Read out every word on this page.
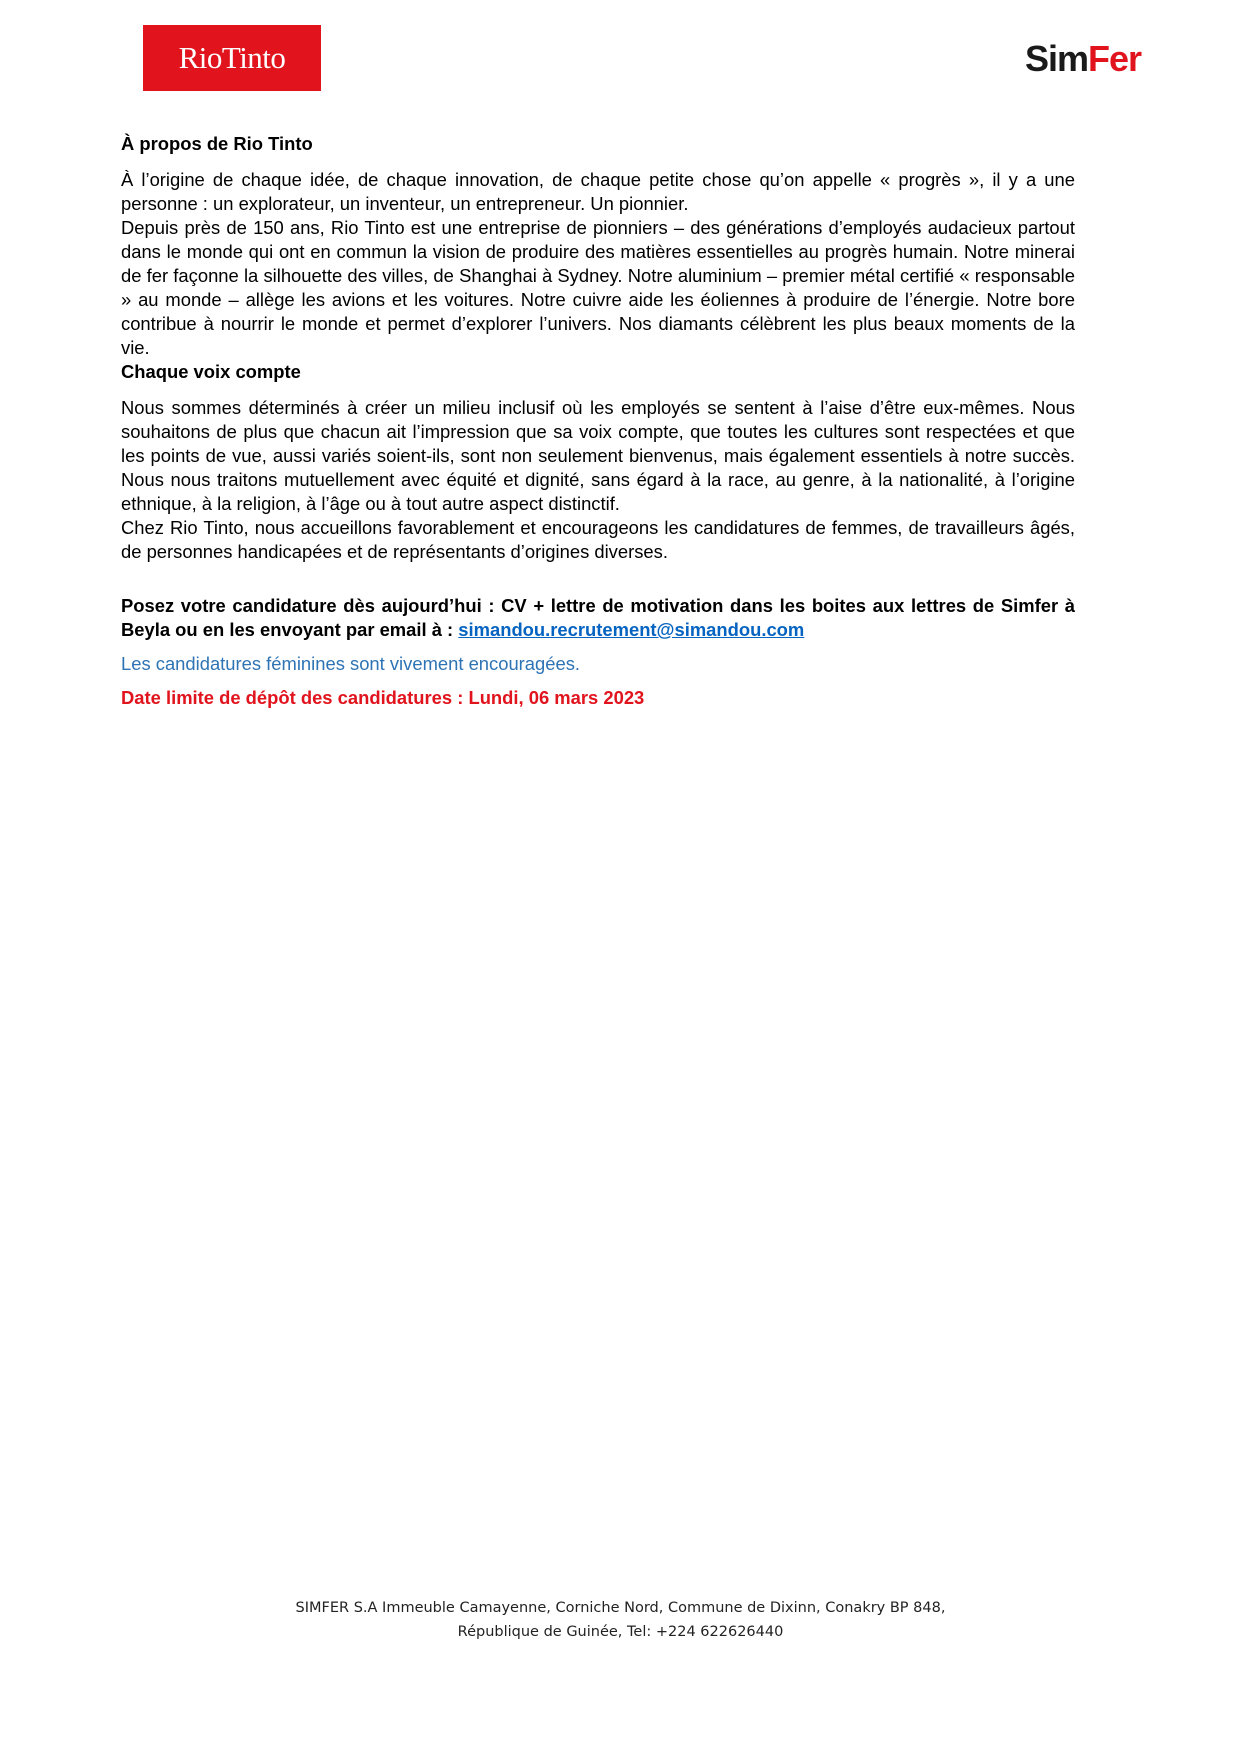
RioTinto	SimFer
À propos de Rio Tinto

À l’origine de chaque idée, de chaque innovation, de chaque petite chose qu’on appelle « progrès », il y a une personne : un explorateur, un inventeur, un entrepreneur. Un pionnier.

Depuis près de 150 ans, Rio Tinto est une entreprise de pionniers – des générations d’employés audacieux partout dans le monde qui ont en commun la vision de produire des matières essentielles au progrès humain. Notre minerai de fer façonne la silhouette des villes, de Shanghai à Sydney. Notre aluminium – premier métal certifié « responsable » au monde – allège les avions et les voitures. Notre cuivre aide les éoliennes à produire de l’énergie. Notre bore contribue à nourrir le monde et permet d’explorer l’univers. Nos diamants célèbrent les plus beaux moments de la vie.

Chaque voix compte

Nous sommes déterminés à créer un milieu inclusif où les employés se sentent à l’aise d’être eux-mêmes. Nous souhaitons de plus que chacun ait l’impression que sa voix compte, que toutes les cultures sont respectées et que les points de vue, aussi variés soient-ils, sont non seulement bienvenus, mais également essentiels à notre succès. Nous nous traitons mutuellement avec équité et dignité, sans égard à la race, au genre, à la nationalité, à l’origine ethnique, à la religion, à l’âge ou à tout autre aspect distinctif.

Chez Rio Tinto, nous accueillons favorablement et encourageons les candidatures de femmes, de travailleurs âgés, de personnes handicapées et de représentants d’origines diverses.

Posez votre candidature dès aujourd’hui : CV + lettre de motivation dans les boites aux lettres de Simfer à Beyla ou en les envoyant par email à : simandou.recrutement@simandou.com

Les candidatures féminines sont vivement encouragées.

Date limite de dépôt des candidatures : Lundi, 06 mars 2023

SIMFER S.A Immeuble Camayenne, Corniche Nord, Commune de Dixinn, Conakry BP 848,
République de Guinée, Tel: +224 622626440
